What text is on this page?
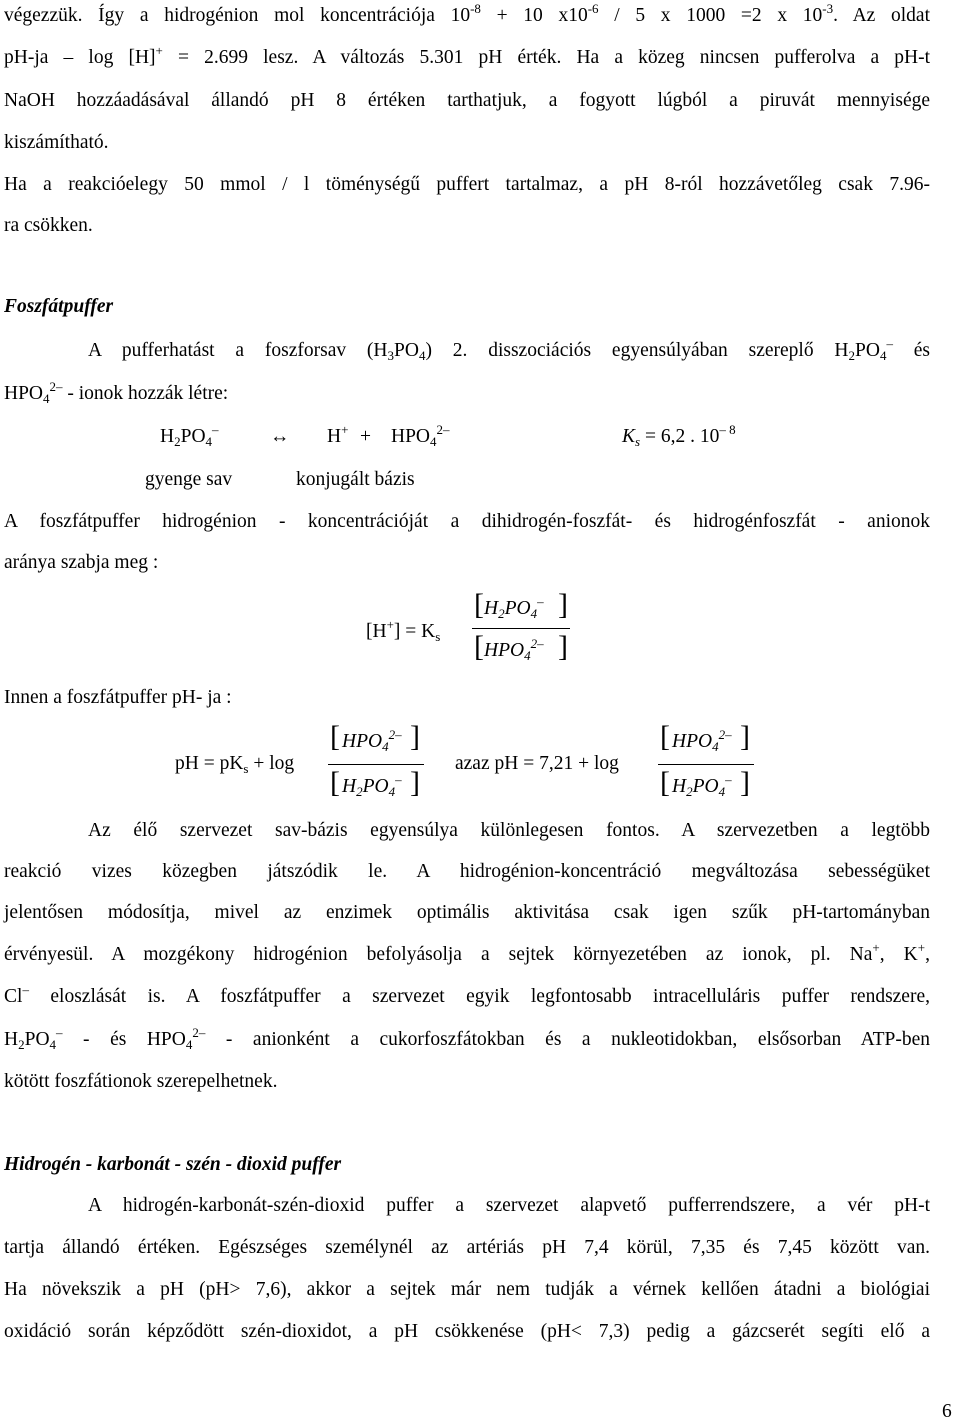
végezzük. Így a hidrogénion mol koncentrációja $10^{-8} + 10$ $x10^{-6} / 5$ x 1000 =2 x $10^{-3}$. Az oldat
pH-ja – log [H]+ = 2.699 lesz. A változás 5.301 pH érték. Ha a közeg nincsen pufferolva a pH-t
NaOH hozzáadásával állandó pH 8 értéken tarthatjuk, a fogyott lúgból a piruvát mennyisége
kiszámítható.
Ha a reakcióelegy 50 mmol / l töménységű puffert tartalmaz, a pH 8-ról hozzávetőleg csak 7.96-
ra csökken.
Foszfátpuffer
A pufferhatást a foszforsav $(H_3PO_4)$ 2. disszociációs egyensúlyában szereplő $H_2PO_4^-$ és
$HPO_4^{2-}$ - ionok hozzák létre:
$H_2PO_4^-$	↔ $H^+ + HPO_4^{2-}$	$K_s = 6,2$ . $10^{- 8}$
gyenge sav	konjugált bázis
A foszfátpuffer hidrogénion - koncentrációját a dihidrogén-foszfát- és hidrogénfoszfát - anionok
aránya szabja meg :
$[H^+] = K_s$
[ $H_2PO_4^-$ ]
[ $HPO_4^{2-}$ ]
Innen a foszfátpuffer pH- ja :
pH = $pK_s + \log$
[ $HPO_4^{2-}$ ]
[ $H_2PO_4^-$ ]
azaz pH = 7,21 + log
[ $HPO_4^{2-}$ ]
[ $H_2PO_4^-$ ]
Az élő szervezet sav-bázis egyensúlya különlegesen fontos. A szervezetben a legtöbb
reakció vizes közegben játszódik le. A hidrogénion-koncentráció megváltozása sebességüket
jelentősen módosítja, mivel az enzimek optimális aktivitása csak igen szűk pH-tartományban
érvényesül. A mozgékony hidrogénion befolyásolja a sejtek környezetében az ionok, pl. Na+, K+,
Cl– eloszlását is. A foszfátpuffer a szervezet egyik legfontosabb intracelluláris puffer rendszere,
$H_2PO_4^-$ - és $HPO_4^{2-}$ - anionként a cukorfoszfátokban és a nukleotidokban, elsősorban ATP-ben
kötött foszfátionok szerepelhetnek.
Hidrogén - karbonát - szén - dioxid puffer
A hidrogén-karbonát-szén-dioxid puffer a szervezet alapvető pufferrendszere, a vér pH-t
tartja állandó értéken. Egészséges személynél az artériás pH 7,4 körül, 7,35 és 7,45 között van.
Ha növekszik a pH (pH> 7,6), akkor a sejtek már nem tudják a vérnek kellően átadni a biológiai
oxidáció során képződött szén-dioxidot, a pH csökkenése (pH< 7,3) pedig a gázcserét segíti elő a
6
